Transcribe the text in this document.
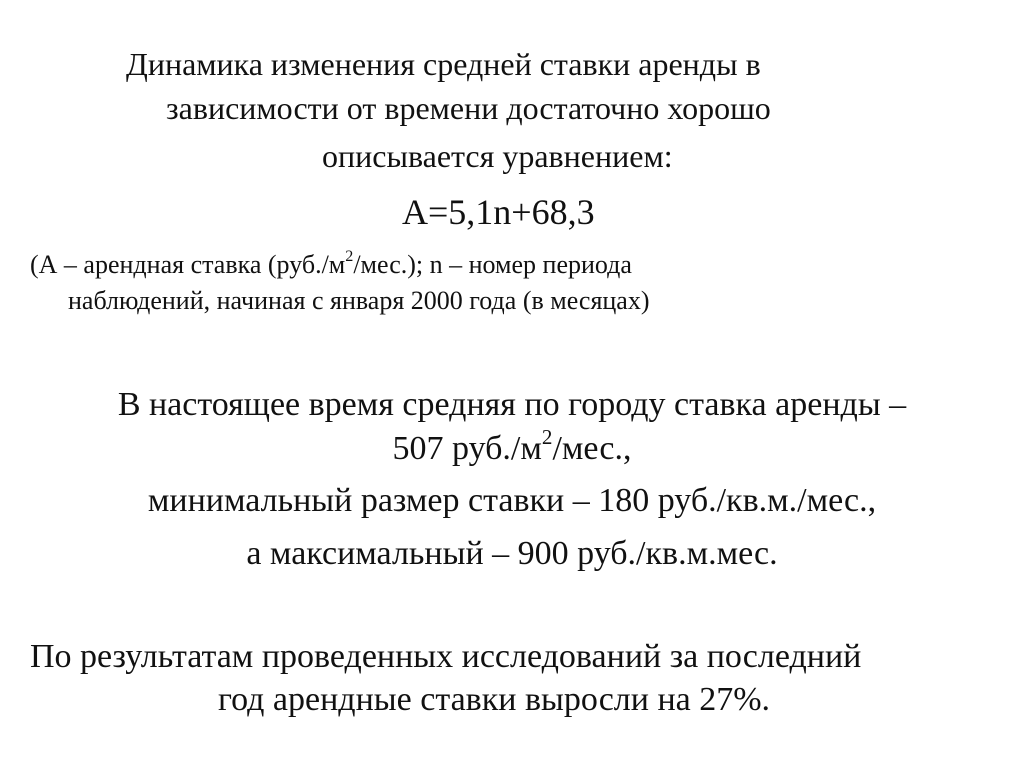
Динамика изменения средней ставки аренды в
зависимости от времени достаточно хорошо
описывается уравнением:
A=5,1n+68,3
(А – арендная ставка $(руб./м^2/мес.)$; n – номер периода
наблюдений, начиная с января 2000 года (в месяцах)
В настоящее время средняя по городу ставка аренды –
507 $руб./м^2$/мес.,
минимальный размер ставки – 180 руб./кв.м./мес.,
а максимальный – 900 руб./кв.м.мес.
По результатам проведенных исследований за последний
год арендные ставки выросли на 27%.
